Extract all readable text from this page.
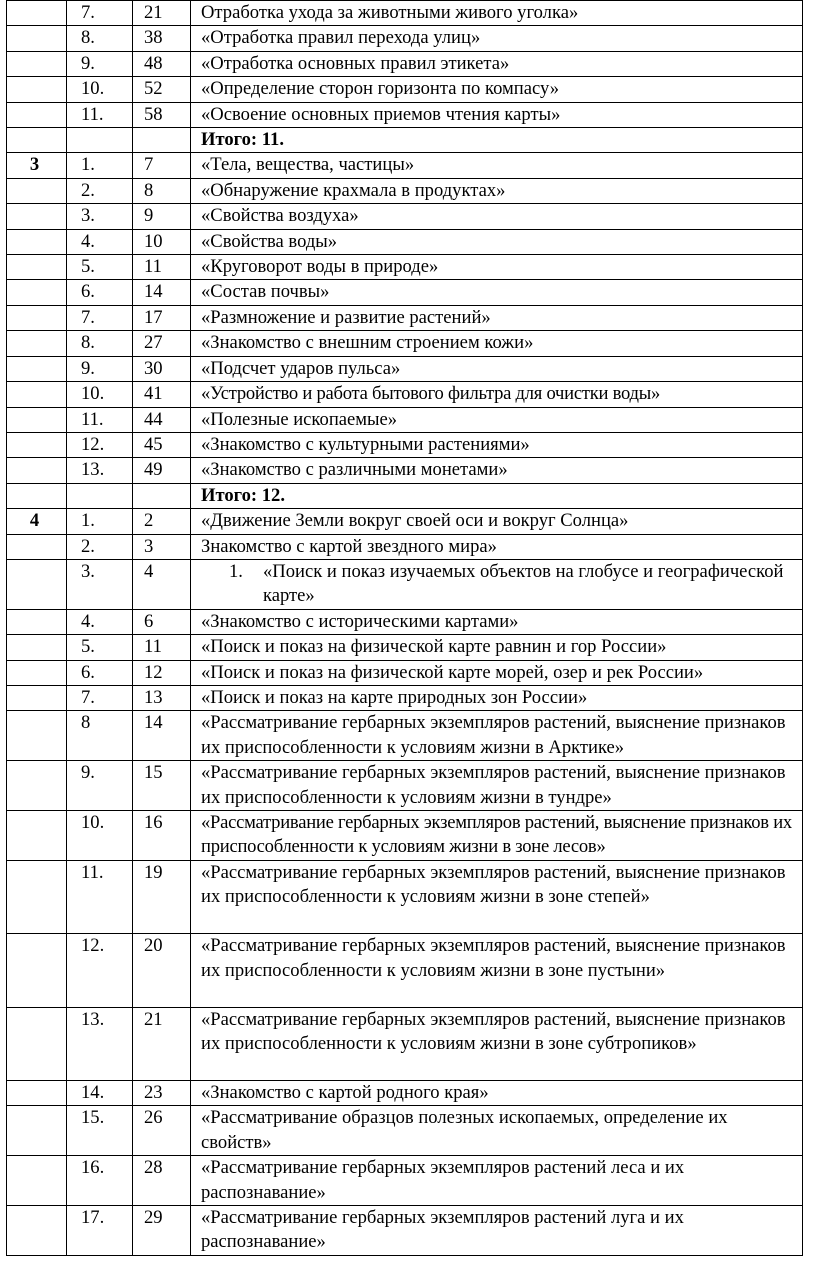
	7.	21	Отработка ухода за животными живого уголка»
	8.	38	«Отработка правил перехода улиц»
	9.	48	«Отработка основных правил этикета»
	10.	52	«Определение сторон горизонта по компасу»
	11.	58	«Освоение основных приемов чтения карты»
			Итого: 11.
3	1.	7	«Тела, вещества, частицы»
	2.	8	«Обнаружение крахмала в продуктах»
	3.	9	«Свойства воздуха»
	4.	10	«Свойства воды»
	5.	11	«Круговорот воды в природе»
	6.	14	«Состав почвы»
	7.	17	«Размножение и развитие растений»
	8.	27	«Знакомство с внешним строением кожи»
	9.	30	«Подсчет ударов пульса»
	10.	41	«Устройство и работа бытового фильтра для очистки воды»
	11.	44	«Полезные ископаемые»
	12.	45	«Знакомство с культурными растениями»
	13.	49	«Знакомство с различными монетами»
			Итого: 12.
4	1.	2	«Движение Земли вокруг своей оси и вокруг Солнца»
	2.	3	Знакомство с картой звездного мира»
	3.	4	1. «Поиск и показ изучаемых объектов на глобусе и географической карте»

	4.	6	«Знакомство с историческими картами»
	5.	11	«Поиск и показ на физической карте равнин и гор России»
	6.	12	«Поиск и показ на физической карте морей, озер и рек России»
	7.	13	«Поиск и показ на карте природных зон России»
	8	14	«Рассматривание гербарных экземпляров растений, выяснение признаков их приспособленности к условиям жизни в Арктике»
	9.	15	«Рассматривание гербарных экземпляров растений, выяснение признаков их приспособленности к условиям жизни в тундре»
	10.	16	«Рассматривание гербарных экземпляров растений, выяснение признаков их приспособленности к условиям жизни в зоне лесов»
	11.	19	«Рассматривание гербарных экземпляров растений, выяснение признаков их приспособленности к условиям жизни в зоне степей»
	12.	20	«Рассматривание гербарных экземпляров растений, выяснение признаков их приспособленности к условиям жизни в зоне пустыни»
	13.	21	«Рассматривание гербарных экземпляров растений, выяснение признаков их приспособленности к условиям жизни в зоне субтропиков»
	14.	23	«Знакомство с картой родного края»
	15.	26	«Рассматривание образцов полезных ископаемых, определение их свойств»
	16.	28	«Рассматривание гербарных экземпляров растений леса и их распознавание»
	17.	29	«Рассматривание гербарных экземпляров растений луга и их распознавание»
